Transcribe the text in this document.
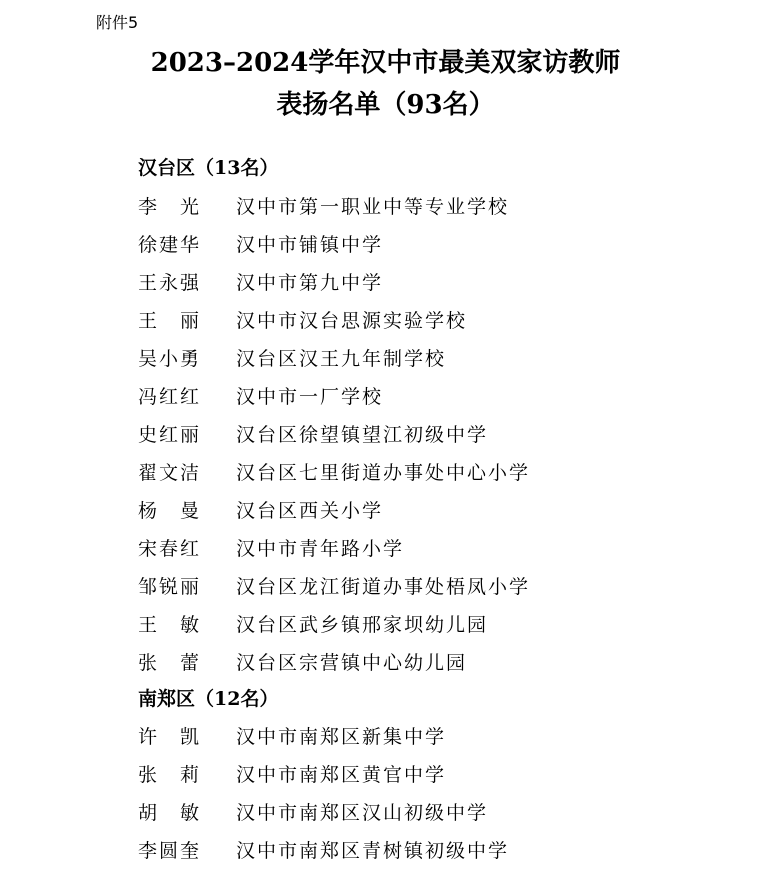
附件5
2023–2024学年汉中市最美双家访教师
表扬名单（93名）
汉台区（13名）
李　光 汉中市第一职业中等专业学校
徐建华 汉中市铺镇中学
王永强 汉中市第九中学
王　丽 汉中市汉台思源实验学校
吴小勇 汉台区汉王九年制学校
冯红红 汉中市一厂学校
史红丽 汉台区徐望镇望江初级中学
翟文洁 汉台区七里街道办事处中心小学
杨　曼 汉台区西关小学
宋春红 汉中市青年路小学
邹锐丽 汉台区龙江街道办事处梧凤小学
王　敏 汉台区武乡镇邢家坝幼儿园
张　蕾 汉台区宗营镇中心幼儿园
南郑区（12名）
许　凯 汉中市南郑区新集中学
张　莉 汉中市南郑区黄官中学
胡　敏 汉中市南郑区汉山初级中学
李圆奎 汉中市南郑区青树镇初级中学
